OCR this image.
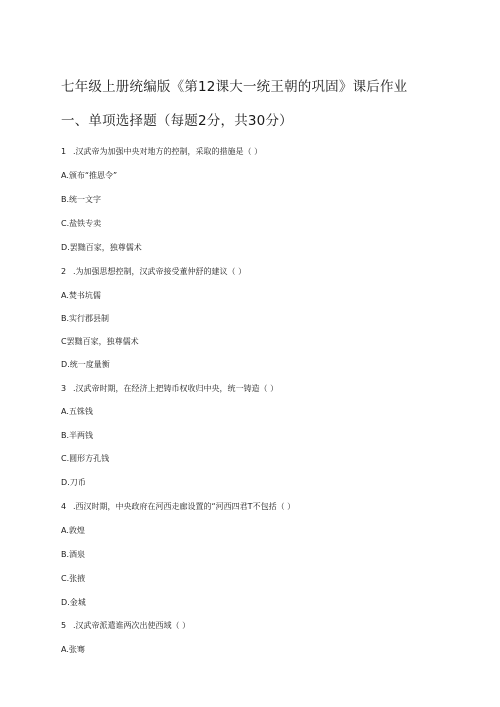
七年级上册统编版《第12课大一统王朝的巩固》课后作业
一、单项选择题（每题2分，共30分）
1 .汉武帝为加强中央对地方的控制，采取的措施是（ ）
A.颁布“推恩令”
B.统一文字
C.盐铁专卖
D.罢黜百家，独尊儒术
2 .为加强思想控制，汉武帝接受董仲舒的建议（ ）
A.焚书坑儒
B.实行郡县制
C罢黜百家，独尊儒术
D.统一度量衡
3 .汉武帝时期，在经济上把铸币权收归中央，统一铸造（ ）
A.五铢钱
B.半两钱
C.圆形方孔钱
D.刀币
4 .西汉时期，中央政府在河西走廊设置的“河西四君T不包括（ ）
A.敦煌
B.酒泉
C.张掖
D.金城
5 .汉武帝派遣谁两次出使西域（ ）
A.张骞
